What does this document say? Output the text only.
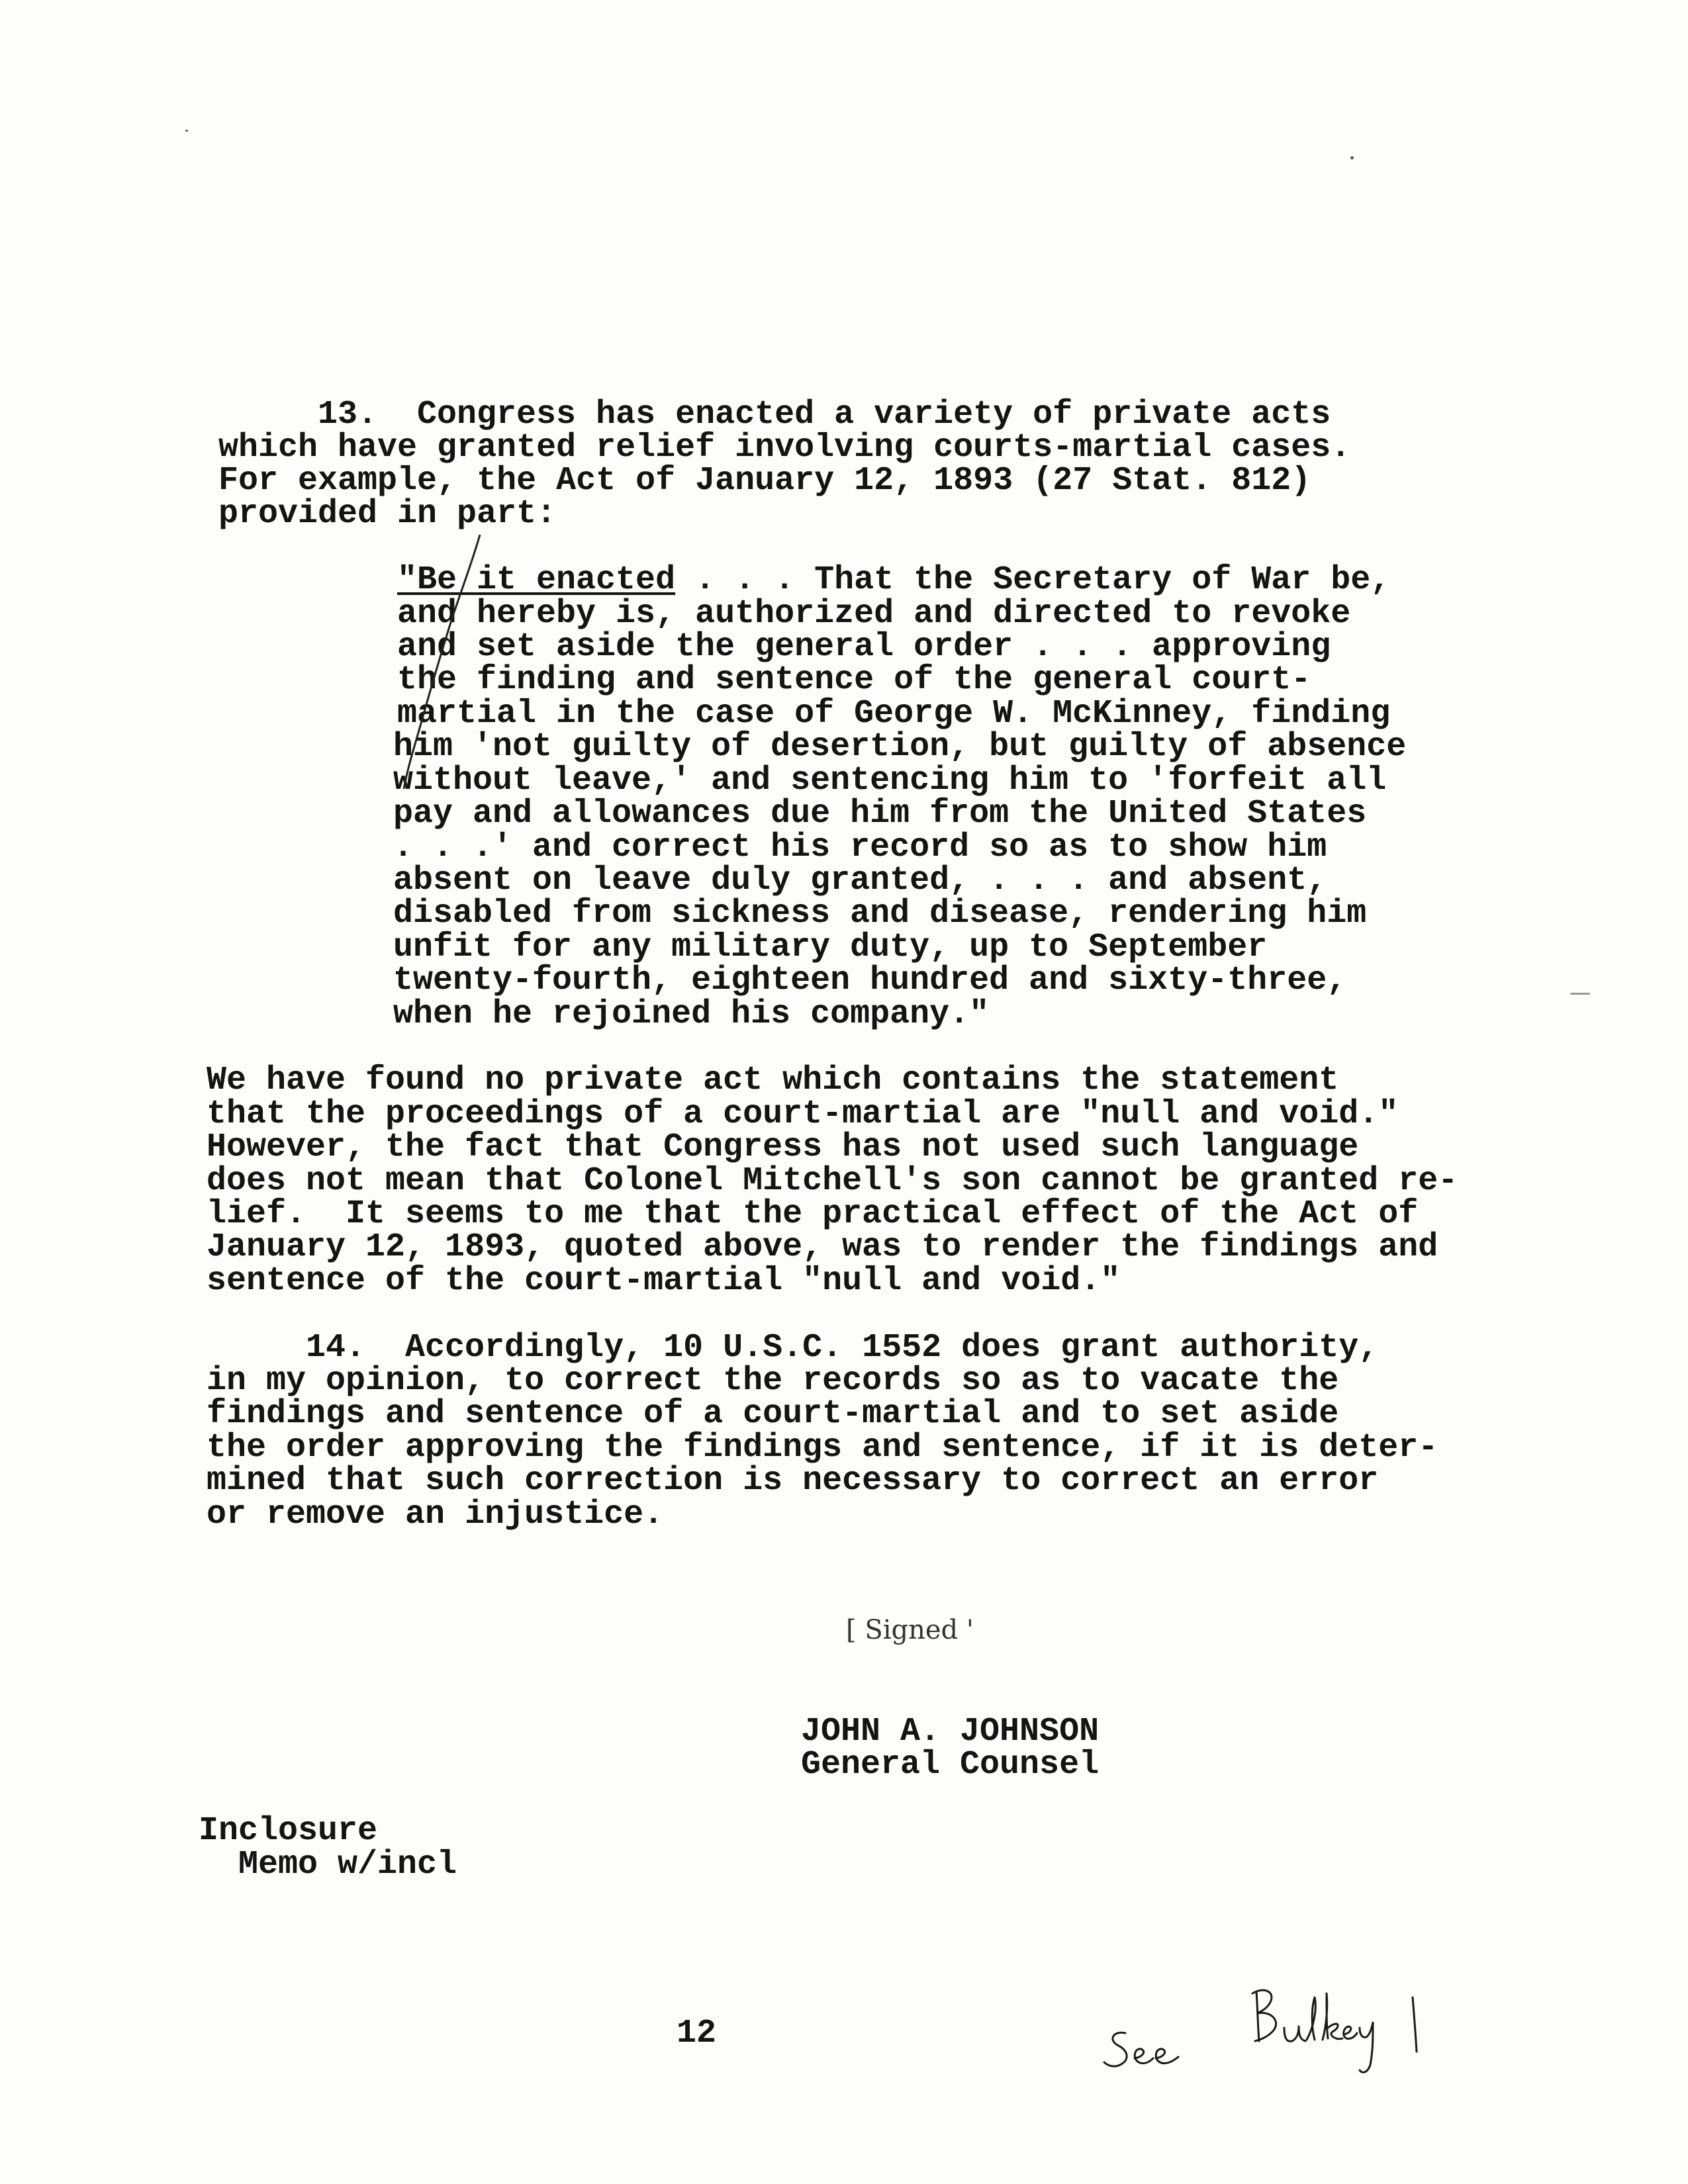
13.  Congress has enacted a variety of private acts
which have granted relief involving courts-martial cases.
For example, the Act of January 12, 1893 (27 Stat. 812)
provided in part:
"Be it enacted . . . That the Secretary of War be,
and hereby is, authorized and directed to revoke
and set aside the general order . . . approving
the finding and sentence of the general court-
martial in the case of George W. McKinney, finding
him 'not guilty of desertion, but guilty of absence
without leave,' and sentencing him to 'forfeit all
pay and allowances due him from the United States
. . .' and correct his record so as to show him
absent on leave duly granted, . . . and absent,
disabled from sickness and disease, rendering him
unfit for any military duty, up to September
twenty-fourth, eighteen hundred and sixty-three,
when he rejoined his company."
We have found no private act which contains the statement
that the proceedings of a court-martial are "null and void."
However, the fact that Congress has not used such language
does not mean that Colonel Mitchell's son cannot be granted re-
lief.  It seems to me that the practical effect of the Act of
January 12, 1893, quoted above, was to render the findings and
sentence of the court-martial "null and void."
14.  Accordingly, 10 U.S.C. 1552 does grant authority,
in my opinion, to correct the records so as to vacate the
findings and sentence of a court-martial and to set aside
the order approving the findings and sentence, if it is deter-
mined that such correction is necessary to correct an error
or remove an injustice.
[ Signed '
JOHN A. JOHNSON
General Counsel
Inclosure
Memo w/incl
12
